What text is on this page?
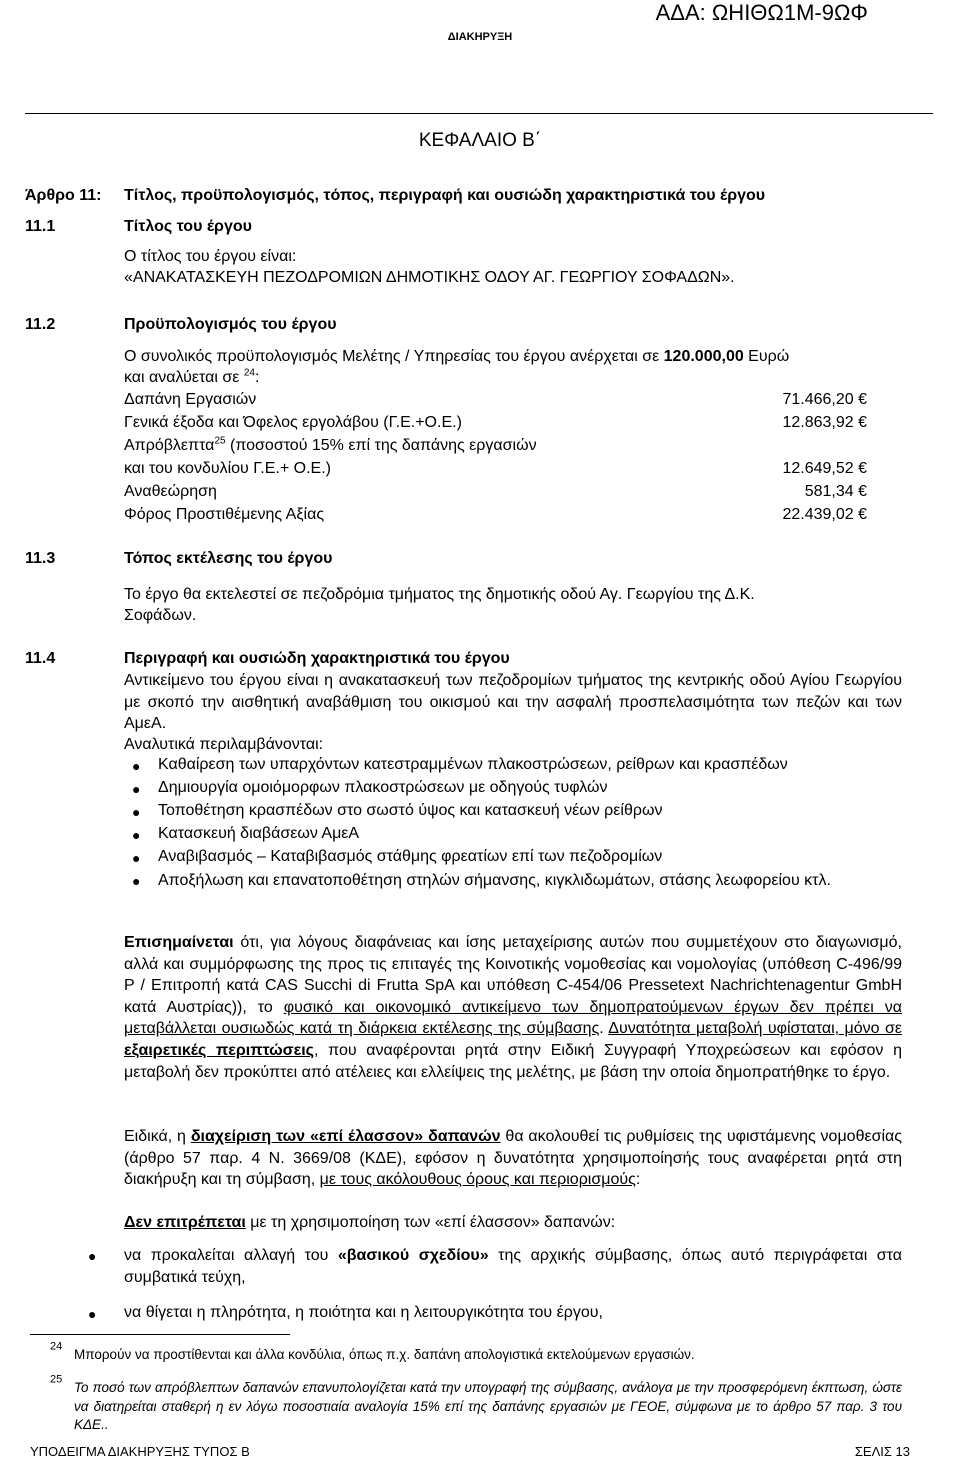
ΑΔΑ: ΩΗΙΘΩ1Μ-9ΩΦ
ΔΙΑΚΗΡΥΞΗ
ΚΕΦΑΛΑΙΟ Β΄
Άρθρο 11: Τίτλος, προϋπολογισμός, τόπος, περιγραφή και ουσιώδη χαρακτηριστικά του έργου
11.1	Τίτλος του έργου
Ο τίτλος του έργου είναι:
«ΑΝΑΚΑΤΑΣΚΕΥΗ ΠΕΖΟΔΡΟΜΙΩΝ ΔΗΜΟΤΙΚΗΣ ΟΔΟΥ ΑΓ. ΓΕΩΡΓΙΟΥ ΣΟΦΑΔΩΝ».
11.2	Προϋπολογισμός του έργου
Ο συνολικός προϋπολογισμός Μελέτης / Υπηρεσίας του έργου ανέρχεται σε 120.000,00 Ευρώ
και αναλύεται σε $^{24}$:
Δαπάνη Εργασιών	71.466,20 €
Γενικά έξοδα και Όφελος εργολάβου (Γ.Ε.+Ο.Ε.)	12.863,92 €
Απρόβλεπτα$^{25}$ (ποσοστού 15% επί της δαπάνης εργασιών
και του κονδυλίου Γ.Ε.+ Ο.Ε.)	12.649,52 €
Αναθεώρηση	581,34 €
Φόρος Προστιθέμενης Αξίας	22.439,02 €
11.3	Τόπος εκτέλεσης του έργου
Το έργο θα εκτελεστεί σε πεζοδρόμια τμήματος της δημοτικής οδού Αγ. Γεωργίου της Δ.Κ.
Σοφάδων.
11.4	Περιγραφή και ουσιώδη χαρακτηριστικά του έργου
Αντικείμενο του έργου είναι η ανακατασκευή των πεζοδρομίων τμήματος της κεντρικής οδού Αγίου Γεωργίου με σκοπό την αισθητική αναβάθμιση του οικισμού και την ασφαλή προσπελασιμότητα των πεζών και των ΑμεΑ.
Αναλυτικά περιλαμβάνονται:
● Καθαίρεση των υπαρχόντων κατεστραμμένων πλακοστρώσεων, ρείθρων και κρασπέδων
● Δημιουργία ομοιόμορφων πλακοστρώσεων με οδηγούς τυφλών
● Τοποθέτηση κρασπέδων στο σωστό ύψος και κατασκευή νέων ρείθρων
● Κατασκευή διαβάσεων ΑμεΑ
● Αναβιβασμός – Καταβιβασμός στάθμης φρεατίων επί των πεζοδρομίων
● Αποξήλωση και επανατοποθέτηση στηλών σήμανσης, κιγκλιδωμάτων, στάσης λεωφορείου κτλ.
Επισημαίνεται ότι, για λόγους διαφάνειας και ίσης μεταχείρισης αυτών που συμμετέχουν στο διαγωνισμό, αλλά και συμμόρφωσης της πρoς τις επιταγές της Κοινοτικής νομοθεσίας και νομολογίας (υπόθεση C-496/99 P / Επιτροπή κατά CAS Succhi di Frutta SpA και υπόθεση C-454/06 Pressetext Nachrichtenagentur GmbH κατά Αυστρίας)), το φυσικό και οικονομικό αντικείμενο των δημοπρατούμενων έργων δεν πρέπει να μεταβάλλεται ουσιωδώς κατά τη διάρκεια εκτέλεσης της σύμβασης. Δυνατότητα μεταβολή υφίσταται, μόνο σε εξαιρετικές περιπτώσεις, που αναφέρονται ρητά στην Ειδική Συγγραφή Υποχρεώσεων και εφόσον η μεταβολή δεν προκύπτει από ατέλειες και ελλείψεις της μελέτης, με βάση την οποία δημοπρατήθηκε το έργο.
Ειδικά, η διαχείριση των «επί έλασσον» δαπανών θα ακολουθεί τις ρυθμίσεις της υφιστάμενης νομοθεσίας (άρθρο 57 παρ. 4 Ν. 3669/08 (ΚΔΕ), εφόσον η δυνατότητα χρησιμοποίησής τους αναφέρεται ρητά στη διακήρυξη και τη σύμβαση, με τους ακόλουθους όρους και περιορισμούς:
Δεν επιτρέπεται με τη χρησιμοποίηση των «επί έλασσον» δαπανών:
● να προκαλείται αλλαγή του «βασικού σχεδίου» της αρχικής σύμβασης, όπως αυτό περιγράφεται στα συμβατικά τεύχη,
● να θίγεται η πληρότητα, η ποιότητα και η λειτουργικότητα του έργου,
$^{24}$
Μπορούν να προστίθενται και άλλα κονδύλια, όπως π.χ. δαπάνη απολογιστικά εκτελούμενων εργασιών.
$^{25}$
Το ποσό των απρόβλεπτων δαπανών επανυπολογίζεται κατά την υπογραφή της σύμβασης, ανάλογα με την προσφερόμενη έκπτωση, ώστε να διατηρείται σταθερή η εν λόγω ποσοστιαία αναλογία 15% επί της δαπάνης εργασιών με ΓΕΟΕ, σύμφωνα με το άρθρο 57 παρ. 3 του ΚΔΕ..
ΥΠΟΔΕΙΓΜΑ ΔΙΑΚΗΡΥΞΗΣ ΤΥΠΟΣ Β	ΣΕΛΙΣ 13
